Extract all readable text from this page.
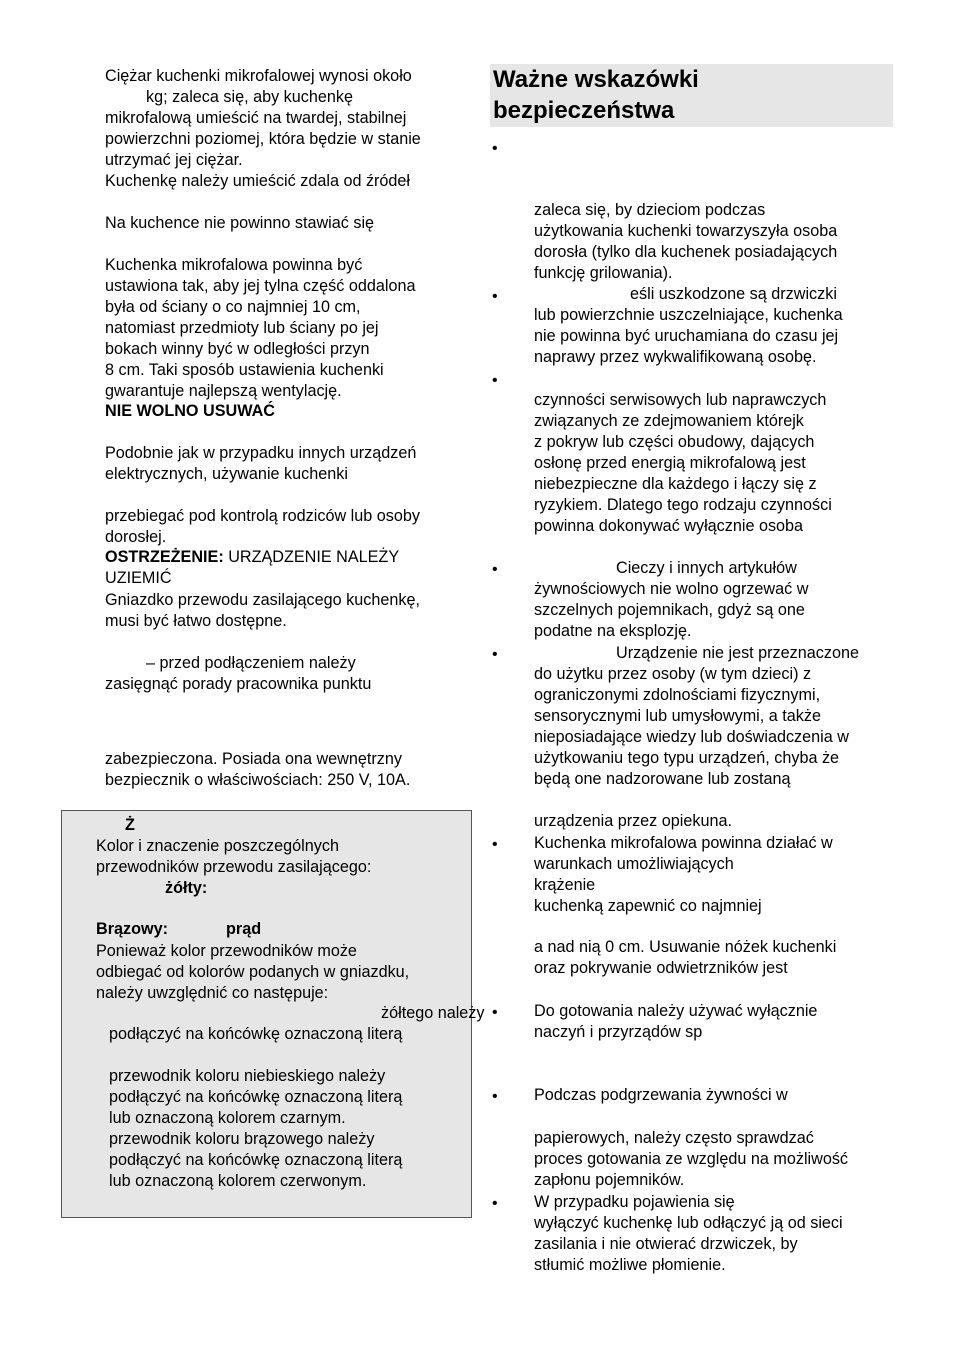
Ważne wskazówki
bezpieczeństwa
Ciężar kuchenki mikrofalowej wynosi około
kg; zaleca się, aby kuchenkę
mikrofalową umieścić na twardej, stabilnej
powierzchni poziomej, która będzie w stanie
utrzymać jej ciężar.
Kuchenkę należy umieścić zdala od źródeł
Na kuchence nie powinno stawiać się
Kuchenka mikrofalowa powinna być
ustawiona tak, aby jej tylna część oddalona
była od ściany o co najmniej 10 cm,
natomiast przedmioty lub ściany po jej
bokach winny być w odległości przyn
8 cm. Taki sposób ustawienia kuchenki
gwarantuje najlepszą wentylację.
NIE WOLNO USUWAĆ
Podobnie jak w przypadku innych urządzeń
elektrycznych, używanie kuchenki
przebiegać pod kontrolą rodziców lub osoby
dorosłej.
OSTRZEŻENIE: URZĄDZENIE NALEŻY
UZIEMIĆ
Gniazdko przewodu zasilającego kuchenkę,
musi być łatwo dostępne.
– przed podłączeniem należy
zasięgnąć porady pracownika punktu
zabezpieczona. Posiada ona wewnętrzny
bezpiecznik o właściwościach: 250 V, 10A.
Ż
Kolor i znaczenie poszczególnych
przewodników przewodu zasilającego:
żółty:
Brązowy:	prąd
Ponieważ kolor przewodników może
odbiegać od kolorów podanych w gniazdku,
należy uwzględnić co następuje:
żółtego należy
podłączyć na końcówkę oznaczoną literą
przewodnik koloru niebieskiego należy
podłączyć na końcówkę oznaczoną literą
lub oznaczoną kolorem czarnym.
przewodnik koloru brązowego należy
podłączyć na końcówkę oznaczoną literą
lub oznaczoną kolorem czerwonym.
•
•
•
•
•
•
•
•
•
zaleca się, by dzieciom podczas
użytkowania kuchenki towarzyszyła osoba
dorosła (tylko dla kuchenek posiadających
funkcję grilowania).
eśli uszkodzone są drzwiczki
lub powierzchnie uszczelniające, kuchenka
nie powinna być uruchamiana do czasu jej
naprawy przez wykwalifikowaną osobę.
czynności serwisowych lub naprawczych
związanych ze zdejmowaniem którejk
z pokryw lub części obudowy, dających
osłonę przed energią mikrofalową jest
niebezpieczne dla każdego i łączy się z
ryzykiem. Dlatego tego rodzaju czynności
powinna dokonywać wyłącznie osoba
Cieczy i innych artykułów
żywnościowych nie wolno ogrzewać w
szczelnych pojemnikach, gdyż są one
podatne na eksplozję.
Urządzenie nie jest przeznaczone
do użytku przez osoby (w tym dzieci) z
ograniczonymi zdolnościami fizycznymi,
sensorycznymi lub umysłowymi, a także
nieposiadające wiedzy lub doświadczenia w
użytkowaniu tego typu urządzeń, chyba że
będą one nadzorowane lub zostaną
urządzenia przez opiekuna.
Kuchenka mikrofalowa powinna działać w
warunkach umożliwiających
krążenie
kuchenką zapewnić co najmniej
a nad nią 0 cm. Usuwanie nóżek kuchenki
oraz pokrywanie odwietrzników jest
Do gotowania należy używać wyłącznie
naczyń i przyrządów sp
Podczas podgrzewania żywności w
papierowych, należy często sprawdzać
proces gotowania ze względu na możliwość
zapłonu pojemników.
W przypadku pojawienia się
wyłączyć kuchenkę lub odłączyć ją od sieci
zasilania i nie otwierać drzwiczek, by
stłumić możliwe płomienie.
